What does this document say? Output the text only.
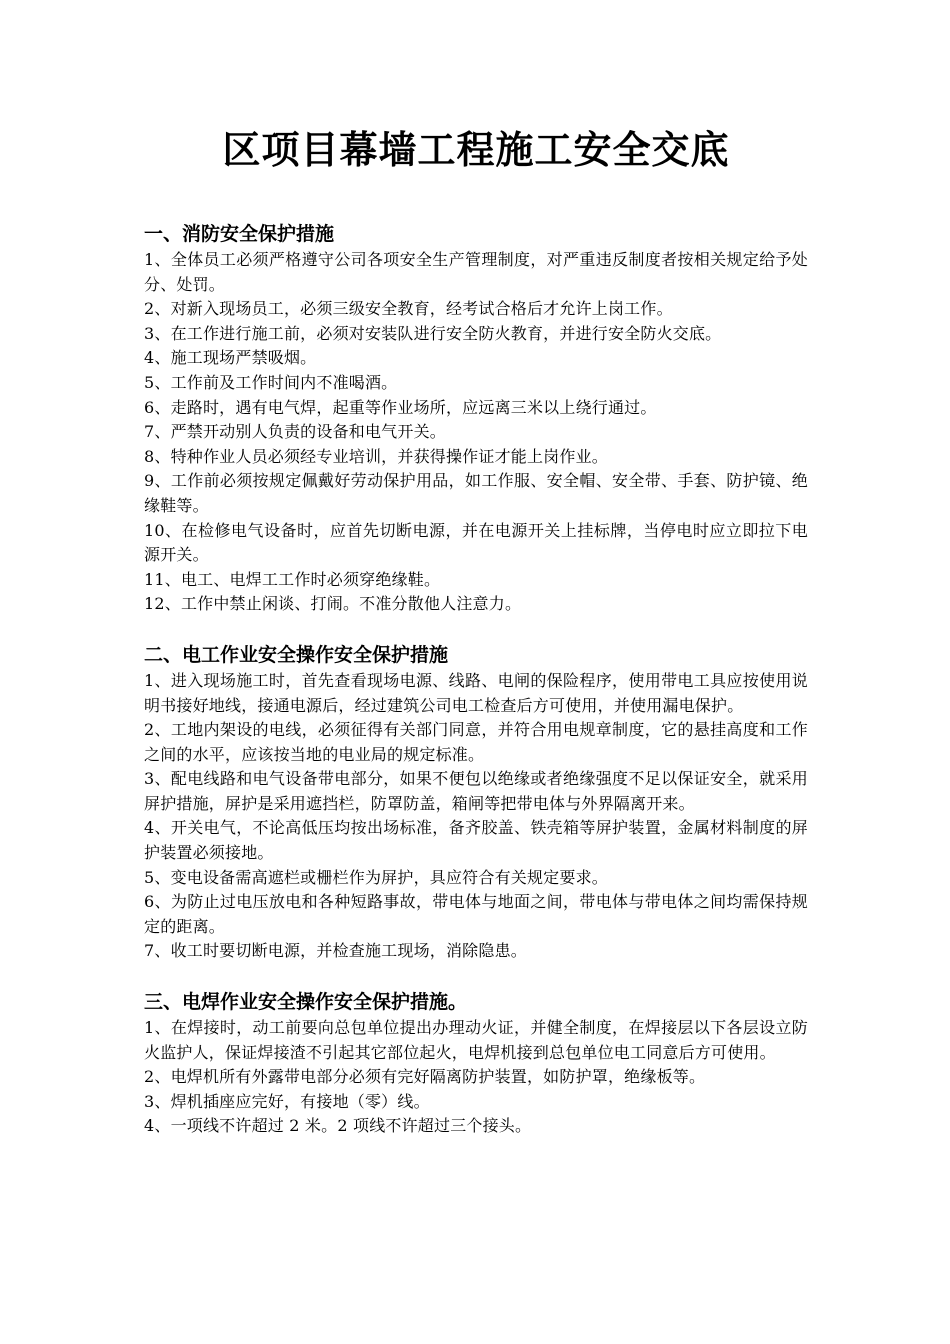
区项目幕墙工程施工安全交底
一、消防安全保护措施

1、全体员工必须严格遵守公司各项安全生产管理制度，对严重违反制度者按相关规定给予处分、处罚。

2、对新入现场员工，必须三级安全教育，经考试合格后才允许上岗工作。

3、在工作进行施工前，必须对安装队进行安全防火教育，并进行安全防火交底。

4、施工现场严禁吸烟。

5、工作前及工作时间内不准喝酒。

6、走路时，遇有电气焊，起重等作业场所，应远离三米以上绕行通过。

7、严禁开动别人负责的设备和电气开关。

8、特种作业人员必须经专业培训，并获得操作证才能上岗作业。

9、工作前必须按规定佩戴好劳动保护用品，如工作服、安全帽、安全带、手套、防护镜、绝缘鞋等。

10、在检修电气设备时，应首先切断电源，并在电源开关上挂标牌，当停电时应立即拉下电源开关。

11、电工、电焊工工作时必须穿绝缘鞋。

12、工作中禁止闲谈、打闹。不准分散他人注意力。

二、电工作业安全操作安全保护措施

1、进入现场施工时，首先查看现场电源、线路、电闸的保险程序，使用带电工具应按使用说明书接好地线，接通电源后，经过建筑公司电工检查后方可使用，并使用漏电保护。

2、工地内架设的电线，必须征得有关部门同意，并符合用电规章制度，它的悬挂高度和工作之间的水平，应该按当地的电业局的规定标准。

3、配电线路和电气设备带电部分，如果不便包以绝缘或者绝缘强度不足以保证安全，就采用屏护措施，屏护是采用遮挡栏，防罩防盖，箱闸等把带电体与外界隔离开来。

4、开关电气，不论高低压均按出场标准，备齐胶盖、铁壳箱等屏护装置，金属材料制度的屏护装置必须接地。

5、变电设备需高遮栏或栅栏作为屏护，具应符合有关规定要求。

6、为防止过电压放电和各种短路事故，带电体与地面之间，带电体与带电体之间均需保持规定的距离。

7、收工时要切断电源，并检查施工现场，消除隐患。

三、电焊作业安全操作安全保护措施。

1、在焊接时，动工前要向总包单位提出办理动火证，并健全制度，在焊接层以下各层设立防火监护人，保证焊接渣不引起其它部位起火，电焊机接到总包单位电工同意后方可使用。

2、电焊机所有外露带电部分必须有完好隔离防护装置，如防护罩，绝缘板等。

3、焊机插座应完好，有接地（零）线。

4、一项线不许超过 2 米。2 项线不许超过三个接头。
